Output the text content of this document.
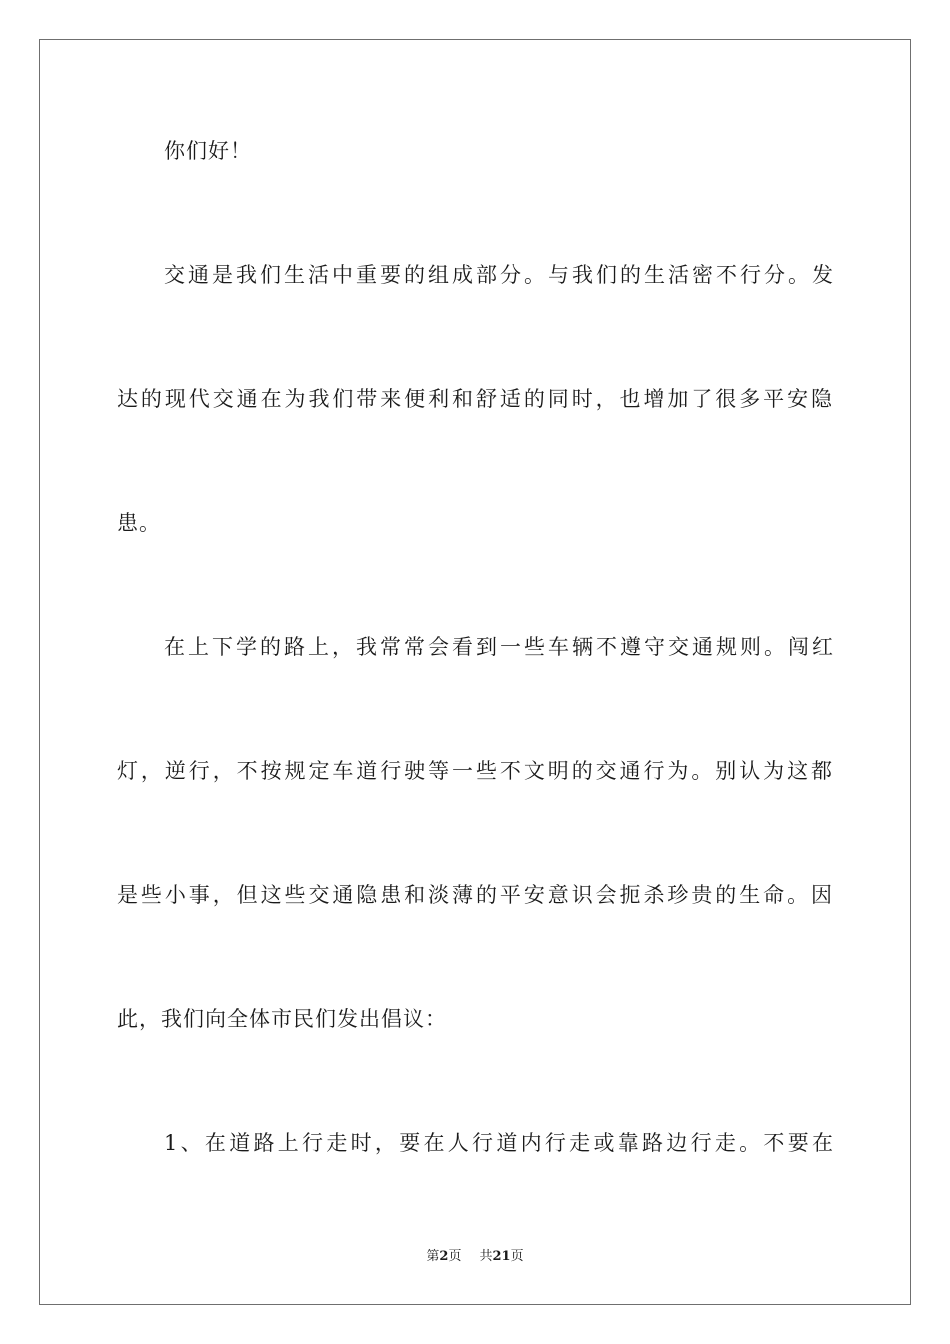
你们好！
交通是我们生活中重要的组成部分。与我们的生活密不行分。发
达的现代交通在为我们带来便利和舒适的同时，也增加了很多平安隐
患。
在上下学的路上，我常常会看到一些车辆不遵守交通规则。闯红
灯，逆行，不按规定车道行驶等一些不文明的交通行为。别认为这都
是些小事，但这些交通隐患和淡薄的平安意识会扼杀珍贵的生命。因
此，我们向全体市民们发出倡议：
1、在道路上行走时，要在人行道内行走或靠路边行走。不要在
第2页 共21页
